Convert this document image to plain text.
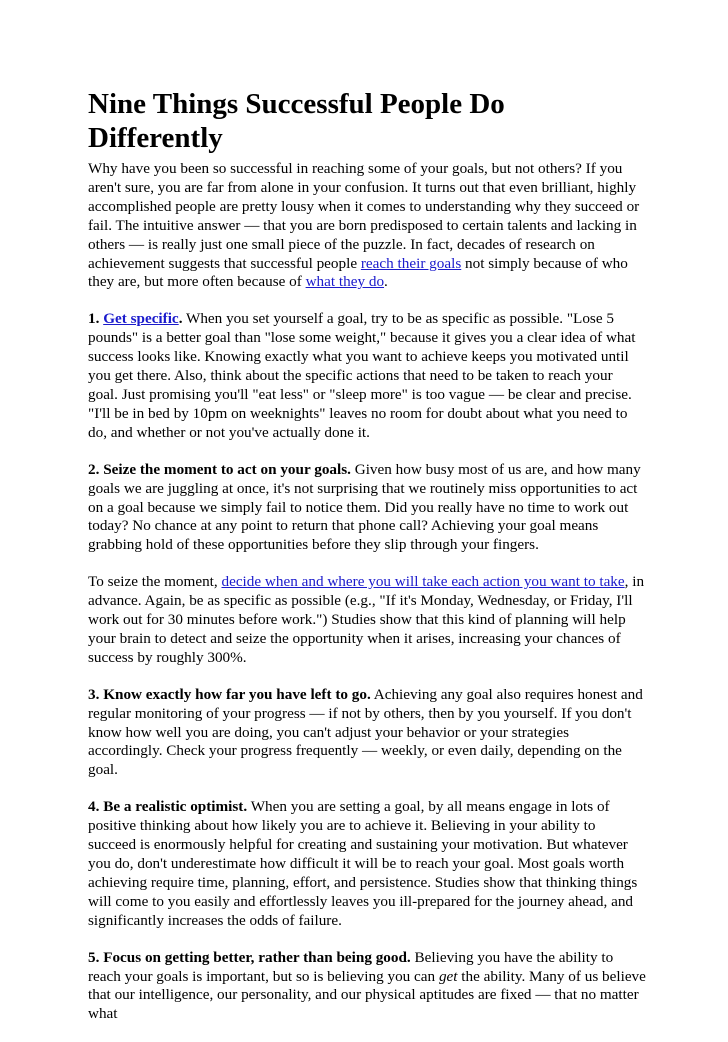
Nine Things Successful People Do
Differently

Why have you been so successful in reaching some of your goals, but not others? If you aren't sure, you are far from alone in your confusion. It turns out that even brilliant, highly accomplished people are pretty lousy when it comes to understanding why they succeed or fail. The intuitive answer — that you are born predisposed to certain talents and lacking in others — is really just one small piece of the puzzle. In fact, decades of research on achievement suggests that successful people reach their goals not simply because of who they are, but more often because of what they do.

1. Get specific. When you set yourself a goal, try to be as specific as possible. "Lose 5 pounds" is a better goal than "lose some weight," because it gives you a clear idea of what success looks like. Knowing exactly what you want to achieve keeps you motivated until you get there. Also, think about the specific actions that need to be taken to reach your goal. Just promising you'll "eat less" or "sleep more" is too vague — be clear and precise. "I'll be in bed by 10pm on weeknights" leaves no room for doubt about what you need to do, and whether or not you've actually done it.

2. Seize the moment to act on your goals. Given how busy most of us are, and how many goals we are juggling at once, it's not surprising that we routinely miss opportunities to act on a goal because we simply fail to notice them. Did you really have no time to work out today? No chance at any point to return that phone call? Achieving your goal means grabbing hold of these opportunities before they slip through your fingers.

To seize the moment, decide when and where you will take each action you want to take, in advance. Again, be as specific as possible (e.g., "If it's Monday, Wednesday, or Friday, I'll work out for 30 minutes before work.") Studies show that this kind of planning will help your brain to detect and seize the opportunity when it arises, increasing your chances of success by roughly 300%.

3. Know exactly how far you have left to go. Achieving any goal also requires honest and regular monitoring of your progress — if not by others, then by you yourself. If you don't know how well you are doing, you can't adjust your behavior or your strategies accordingly. Check your progress frequently — weekly, or even daily, depending on the goal.

4. Be a realistic optimist. When you are setting a goal, by all means engage in lots of positive thinking about how likely you are to achieve it. Believing in your ability to succeed is enormously helpful for creating and sustaining your motivation. But whatever you do, don't underestimate how difficult it will be to reach your goal. Most goals worth achieving require time, planning, effort, and persistence. Studies show that thinking things will come to you easily and effortlessly leaves you ill-prepared for the journey ahead, and significantly increases the odds of failure.

5. Focus on getting better, rather than being good. Believing you have the ability to reach your goals is important, but so is believing you can get the ability. Many of us believe that our intelligence, our personality, and our physical aptitudes are fixed — that no matter what
